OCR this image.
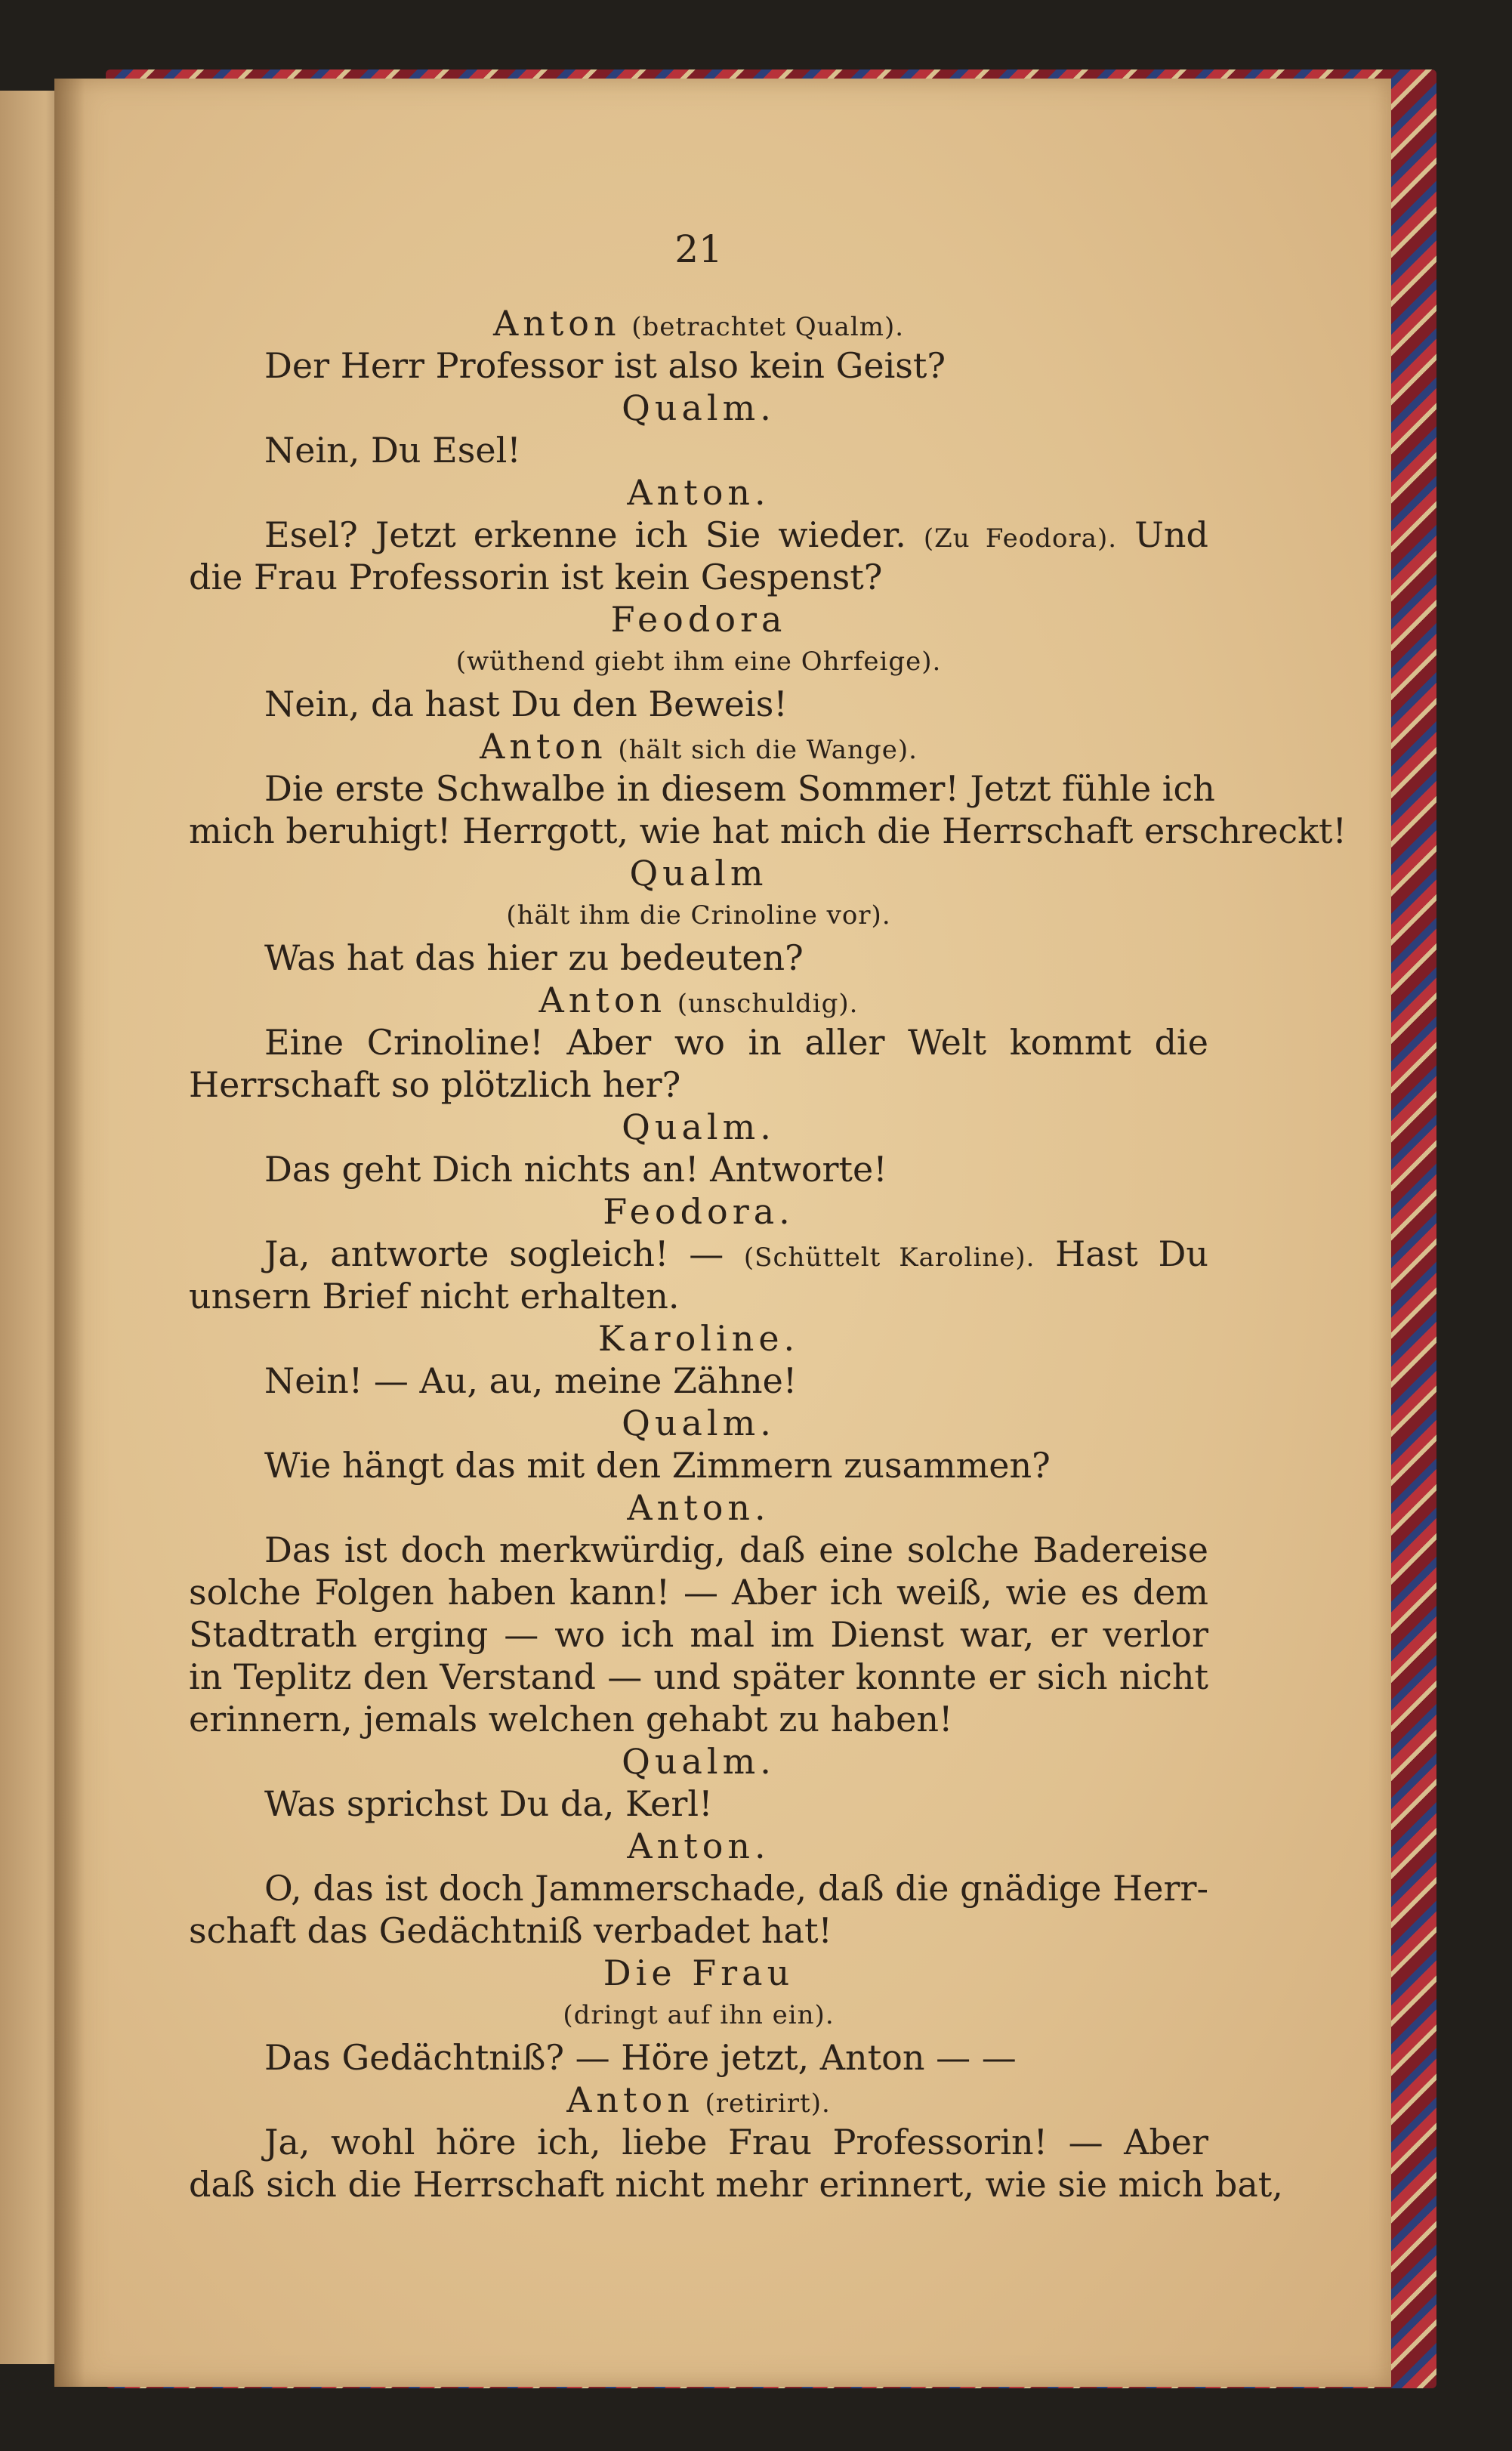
21
Anton (betrachtet Qualm).
Der Herr Professor ist also kein Geist?
Qualm.
Nein, Du Esel!
Anton.
Esel? Jetzt erkenne ich Sie wieder. (Zu Feodora). Und
die Frau Professorin ist kein Gespenst?
Feodora
(wüthend giebt ihm eine Ohrfeige).
Nein, da hast Du den Beweis!
Anton (hält sich die Wange).
Die erste Schwalbe in diesem Sommer! Jetzt fühle ich
mich beruhigt! Herrgott, wie hat mich die Herrschaft erschreckt!
Qualm
(hält ihm die Crinoline vor).
Was hat das hier zu bedeuten?
Anton (unschuldig).
Eine Crinoline! Aber wo in aller Welt kommt die
Herrschaft so plötzlich her?
Qualm.
Das geht Dich nichts an! Antworte!
Feodora.
Ja, antworte sogleich! — (Schüttelt Karoline). Hast Du
unsern Brief nicht erhalten.
Karoline.
Nein! — Au, au, meine Zähne!
Qualm.
Wie hängt das mit den Zimmern zusammen?
Anton.
Das ist doch merkwürdig, daß eine solche Badereise
solche Folgen haben kann! — Aber ich weiß, wie es dem
Stadtrath erging — wo ich mal im Dienst war, er verlor
in Teplitz den Verstand — und später konnte er sich nicht
erinnern, jemals welchen gehabt zu haben!
Qualm.
Was sprichst Du da, Kerl!
Anton.
O, das ist doch Jammerschade, daß die gnädige Herr-
schaft das Gedächtniß verbadet hat!
Die Frau
(dringt auf ihn ein).
Das Gedächtniß? — Höre jetzt, Anton — —
Anton (retirirt).
Ja, wohl höre ich, liebe Frau Professorin! — Aber
daß sich die Herrschaft nicht mehr erinnert, wie sie mich bat,
